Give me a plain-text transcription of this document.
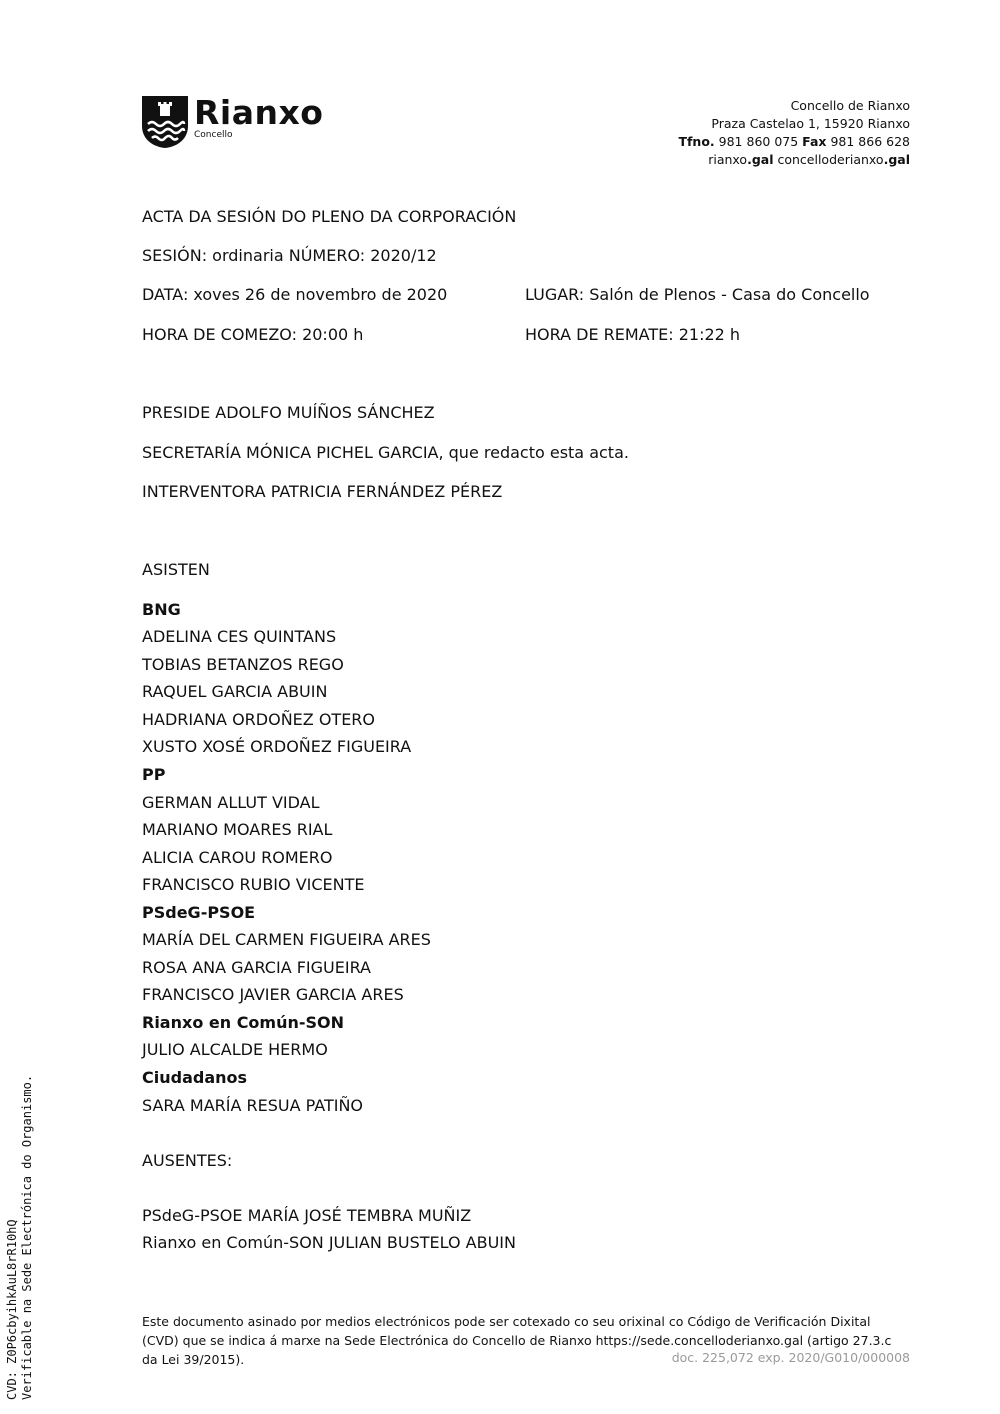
Rianxo
Concello
Concello de Rianxo
Praza Castelao 1, 15920 Rianxo
Tfno. 981 860 075 Fax 981 866 628
rianxo.gal concelloderianxo.gal
ACTA DA SESIÓN DO PLENO DA CORPORACIÓN
SESIÓN: ordinaria NÚMERO: 2020/12
DATA: xoves 26 de novembro de 2020	LUGAR: Salón de Plenos - Casa do Concello
HORA DE COMEZO: 20:00 h	HORA DE REMATE: 21:22 h
PRESIDE ADOLFO MUÍÑOS SÁNCHEZ
SECRETARÍA MÓNICA PICHEL GARCIA, que redacto esta acta.
INTERVENTORA PATRICIA FERNÁNDEZ PÉREZ
ASISTEN
BNG
ADELINA CES QUINTANS
TOBIAS BETANZOS REGO
RAQUEL GARCIA ABUIN
HADRIANA ORDOÑEZ OTERO
XUSTO XOSÉ ORDOÑEZ FIGUEIRA
PP
GERMAN ALLUT VIDAL
MARIANO MOARES RIAL
ALICIA CAROU ROMERO
FRANCISCO RUBIO VICENTE
PSdeG-PSOE
MARÍA DEL CARMEN FIGUEIRA ARES
ROSA ANA GARCIA FIGUEIRA
FRANCISCO JAVIER GARCIA ARES
Rianxo en Común-SON
JULIO ALCALDE HERMO
Ciudadanos
SARA MARÍA RESUA PATIÑO
AUSENTES:
PSdeG-PSOE MARÍA JOSÉ TEMBRA MUÑIZ
Rianxo en Común-SON JULIAN BUSTELO ABUIN
Este documento asinado por medios electrónicos pode ser cotexado co seu orixinal co Código de Verificación Dixital (CVD) que se indica á marxe na Sede Electrónica do Concello de Rianxo https://sede.concelloderianxo.gal (artigo 27.3.c da Lei 39/2015).	doc. 225,072 exp. 2020/G010/000008
CVD: Z0P6cbyihkAuL8rR10hQ Verificable na Sede Electrónica do Organismo.
